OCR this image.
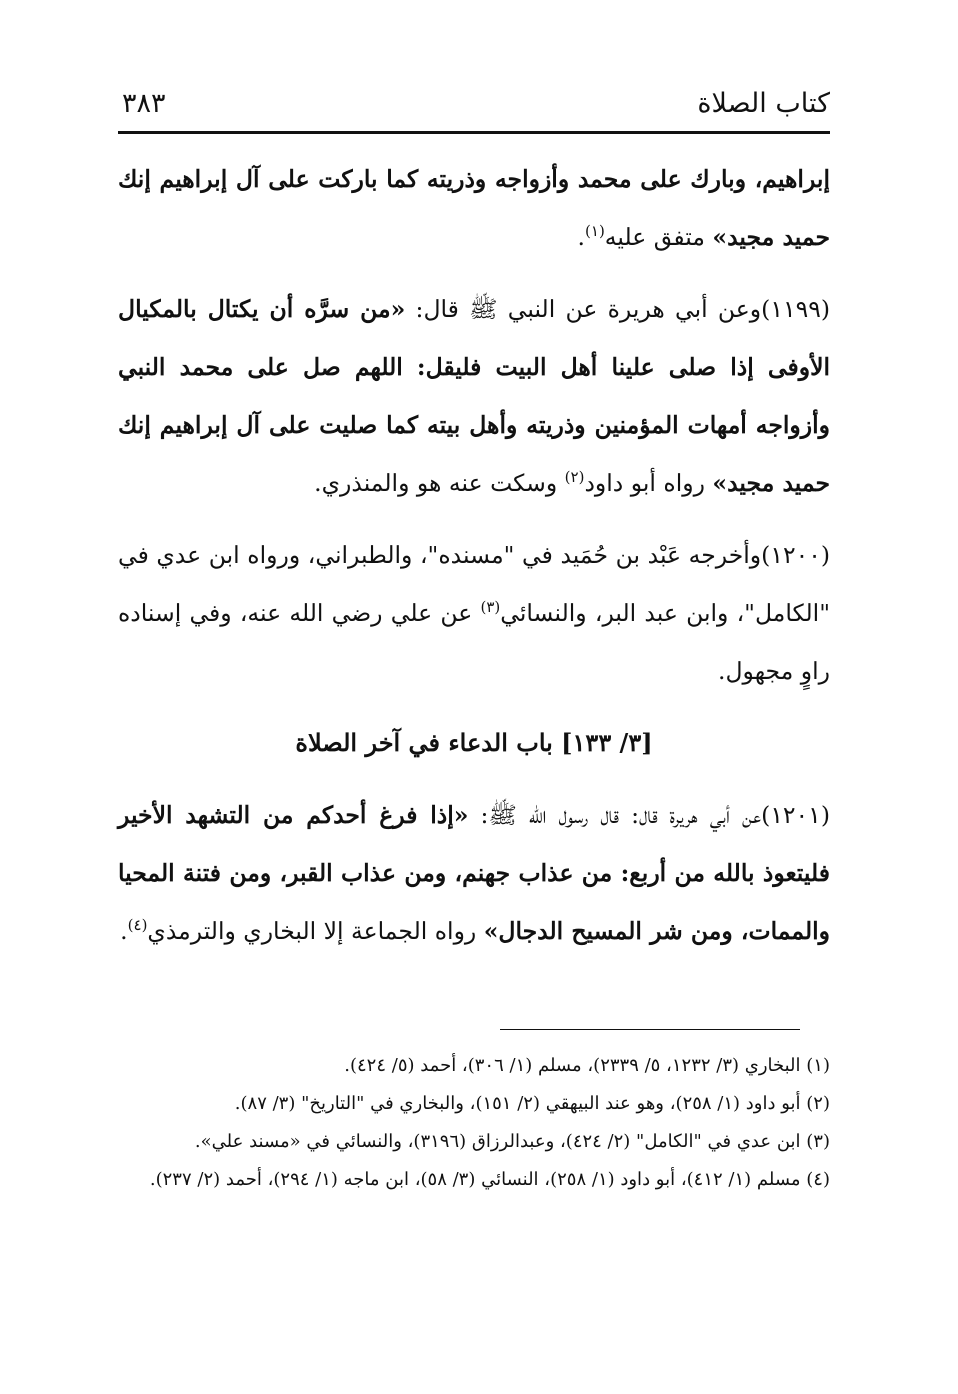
كتاب الصلاة
٣٨٣

إبراهيم، وبارك على محمد وأزواجه وذريته كما باركت على آل إبراهيم إنك حميد مجيد» متفق عليه$^{(١)}$.

(١١٩٩)وعن أبي هريرة عن النبي ﷺ قال: «من سرَّه أن يكتال بالمكيال الأوفى إذا صلى علينا أهل البيت فليقل: اللهم صل على محمد النبي وأزواجه أمهات المؤمنين وذريته وأهل بيته كما صليت على آل إبراهيم إنك حميد مجيد» رواه أبو داود$^{(٢)}$ وسكت عنه هو والمنذري.

(١٢٠٠)وأخرجه عَبْد بن حُمَيد في "مسنده"، والطبراني، ورواه ابن عدي في "الكامل"، وابن عبد البر، والنسائي$^{(٣)}$ عن علي رضي الله عنه، وفي إسناده راوٍ مجهول.

[٣/ ١٣٣] باب الدعاء في آخر الصلاة

(١٢٠١)عن أبي هريرة قال: قال رسول الله ﷺ: «إذا فرغ أحدكم من التشهد الأخير فليتعوذ بالله من أربع: من عذاب جهنم، ومن عذاب القبر، ومن فتنة المحيا والممات، ومن شر المسيح الدجال» رواه الجماعة إلا البخاري والترمذي$^{(٤)}$.

(١) البخاري (٣/ ١٢٣٢، ٥/ ٢٣٣٩)، مسلم (١/ ٣٠٦)، أحمد (٥/ ٤٢٤).

(٢) أبو داود (١/ ٢٥٨)، وهو عند البيهقي (٢/ ١٥١)، والبخاري في "التاريخ" (٣/ ٨٧).

(٣) ابن عدي في "الكامل" (٢/ ٤٢٤)، وعبدالرزاق (٣١٩٦)، والنسائي في «مسند علي».

(٤) مسلم (١/ ٤١٢)، أبو داود (١/ ٢٥٨)، النسائي (٣/ ٥٨)، ابن ماجه (١/ ٢٩٤)، أحمد (٢/ ٢٣٧).
